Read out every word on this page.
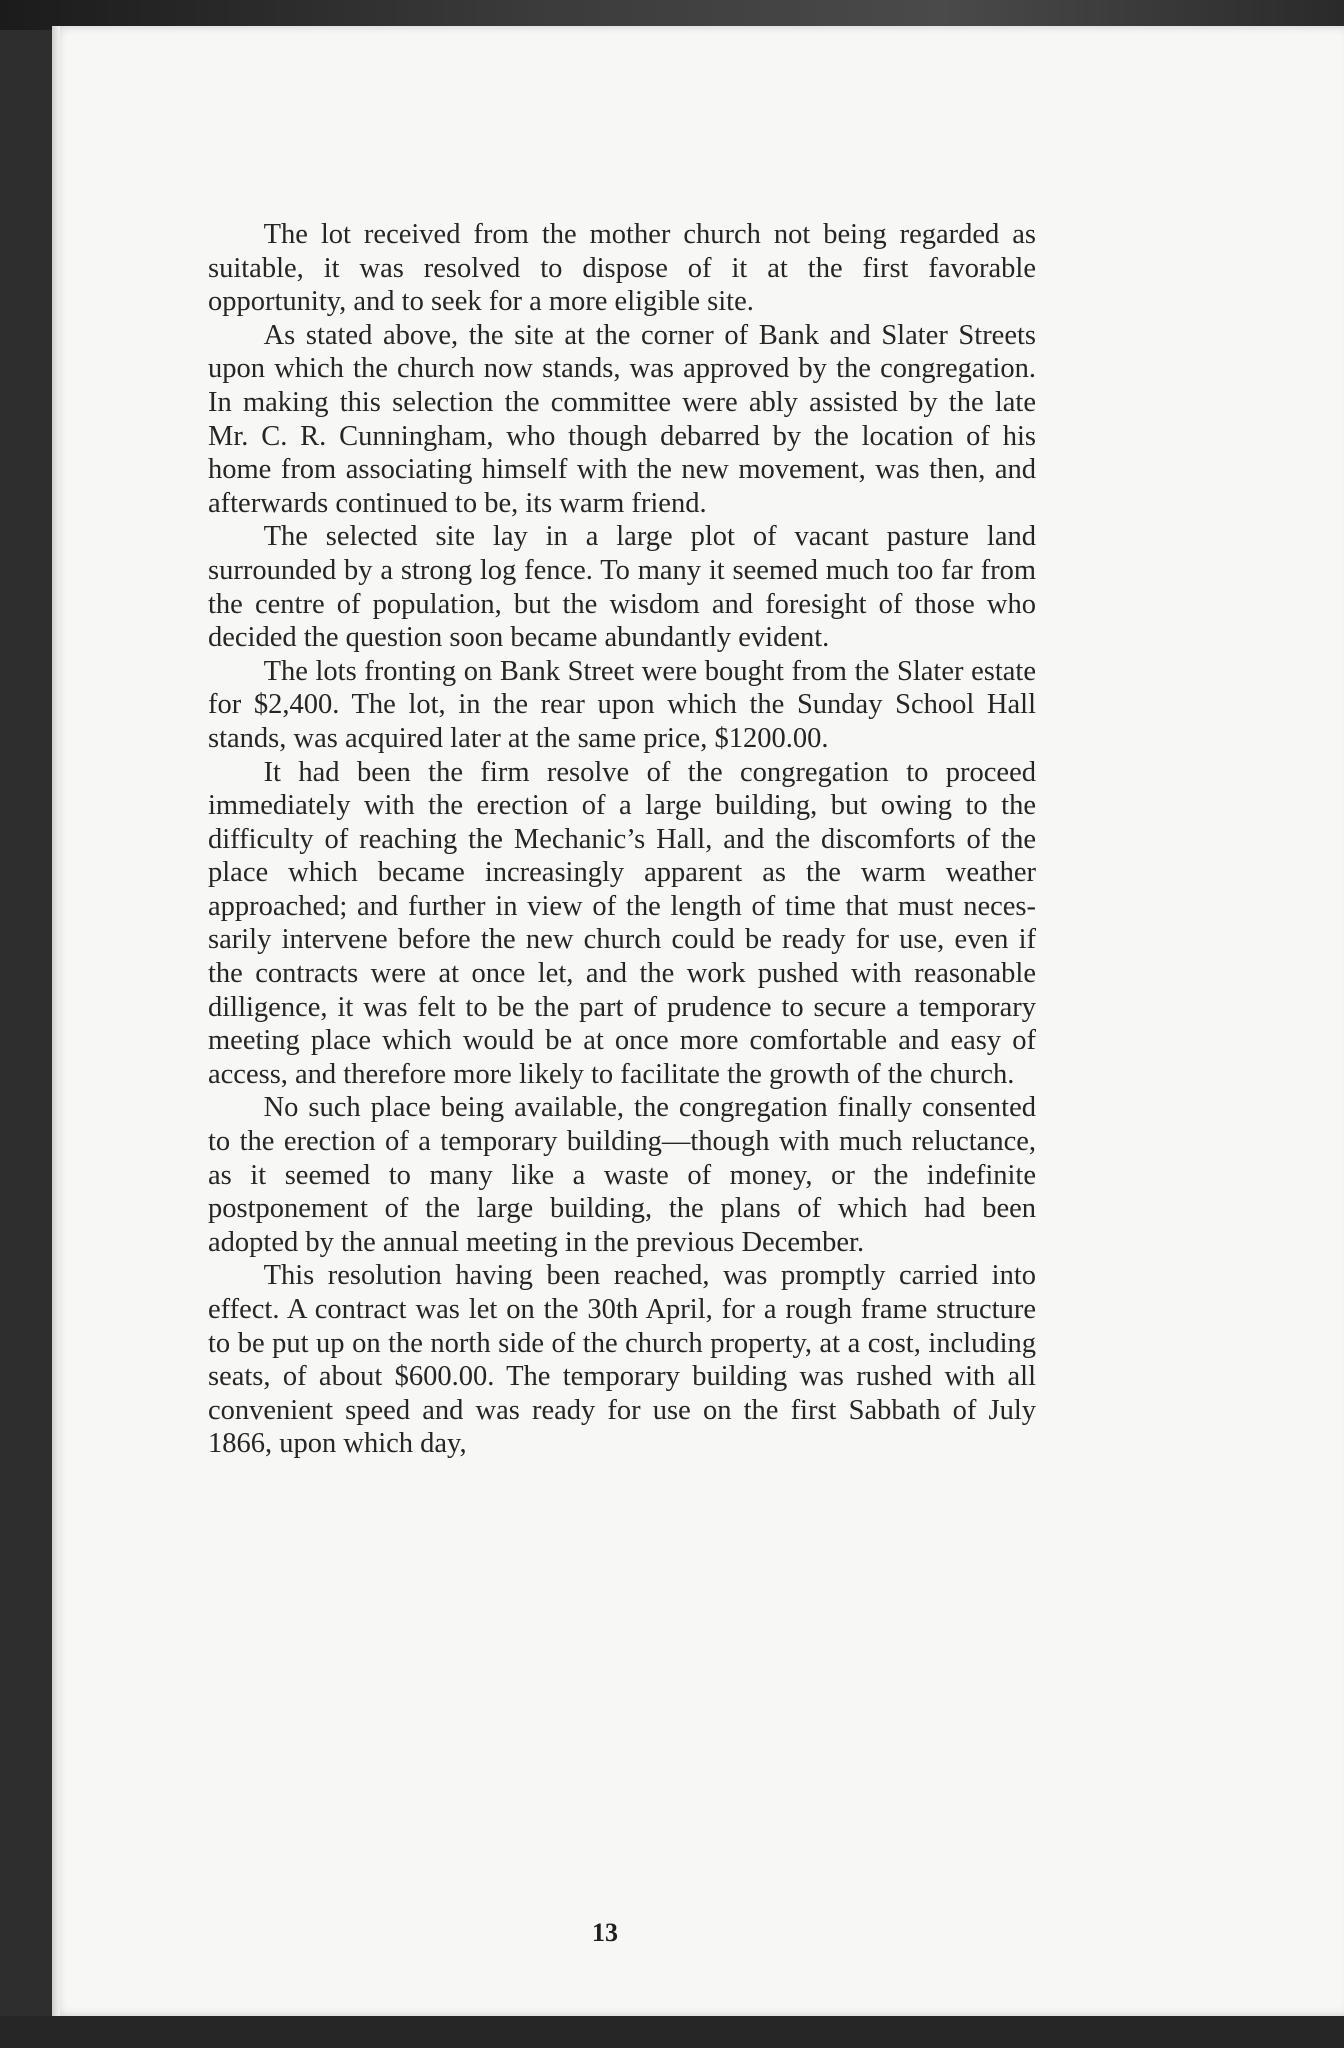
The lot received from the mother church not being regarded as suitable, it was resolved to dispose of it at the first favorable opportunity, and to seek for a more eligible site.

As stated above, the site at the corner of Bank and Slater Streets upon which the church now stands, was approved by the congregation. In making this selection the committee were ably assisted by the late Mr. C. R. Cunningham, who though debarred by the location of his home from associating himself with the new movement, was then, and afterwards continued to be, its warm friend.

The selected site lay in a large plot of vacant pasture land surrounded by a strong log fence. To many it seemed much too far from the centre of population, but the wisdom and foresight of those who decided the question soon became abundantly evident.

The lots fronting on Bank Street were bought from the Slater estate for $2,400. The lot, in the rear upon which the Sunday School Hall stands, was acquired later at the same price, $1200.00.

It had been the firm resolve of the congregation to proceed immediately with the erection of a large building, but owing to the difficulty of reaching the Mechanic’s Hall, and the discomforts of the place which became increasingly apparent as the warm weather approached; and further in view of the length of time that must necessarily intervene before the new church could be ready for use, even if the contracts were at once let, and the work pushed with reasonable dilligence, it was felt to be the part of prudence to secure a temporary meeting place which would be at once more comfortable and easy of access, and therefore more likely to facilitate the growth of the church.

No such place being available, the congregation finally consented to the erection of a temporary building—though with much reluctance, as it seemed to many like a waste of money, or the indefinite postponement of the large building, the plans of which had been adopted by the annual meeting in the previous December.

This resolution having been reached, was promptly carried into effect. A contract was let on the 30th April, for a rough frame structure to be put up on the north side of the church property, at a cost, including seats, of about $600.00. The temporary building was rushed with all convenient speed and was ready for use on the first Sabbath of July 1866, upon which day,

13
